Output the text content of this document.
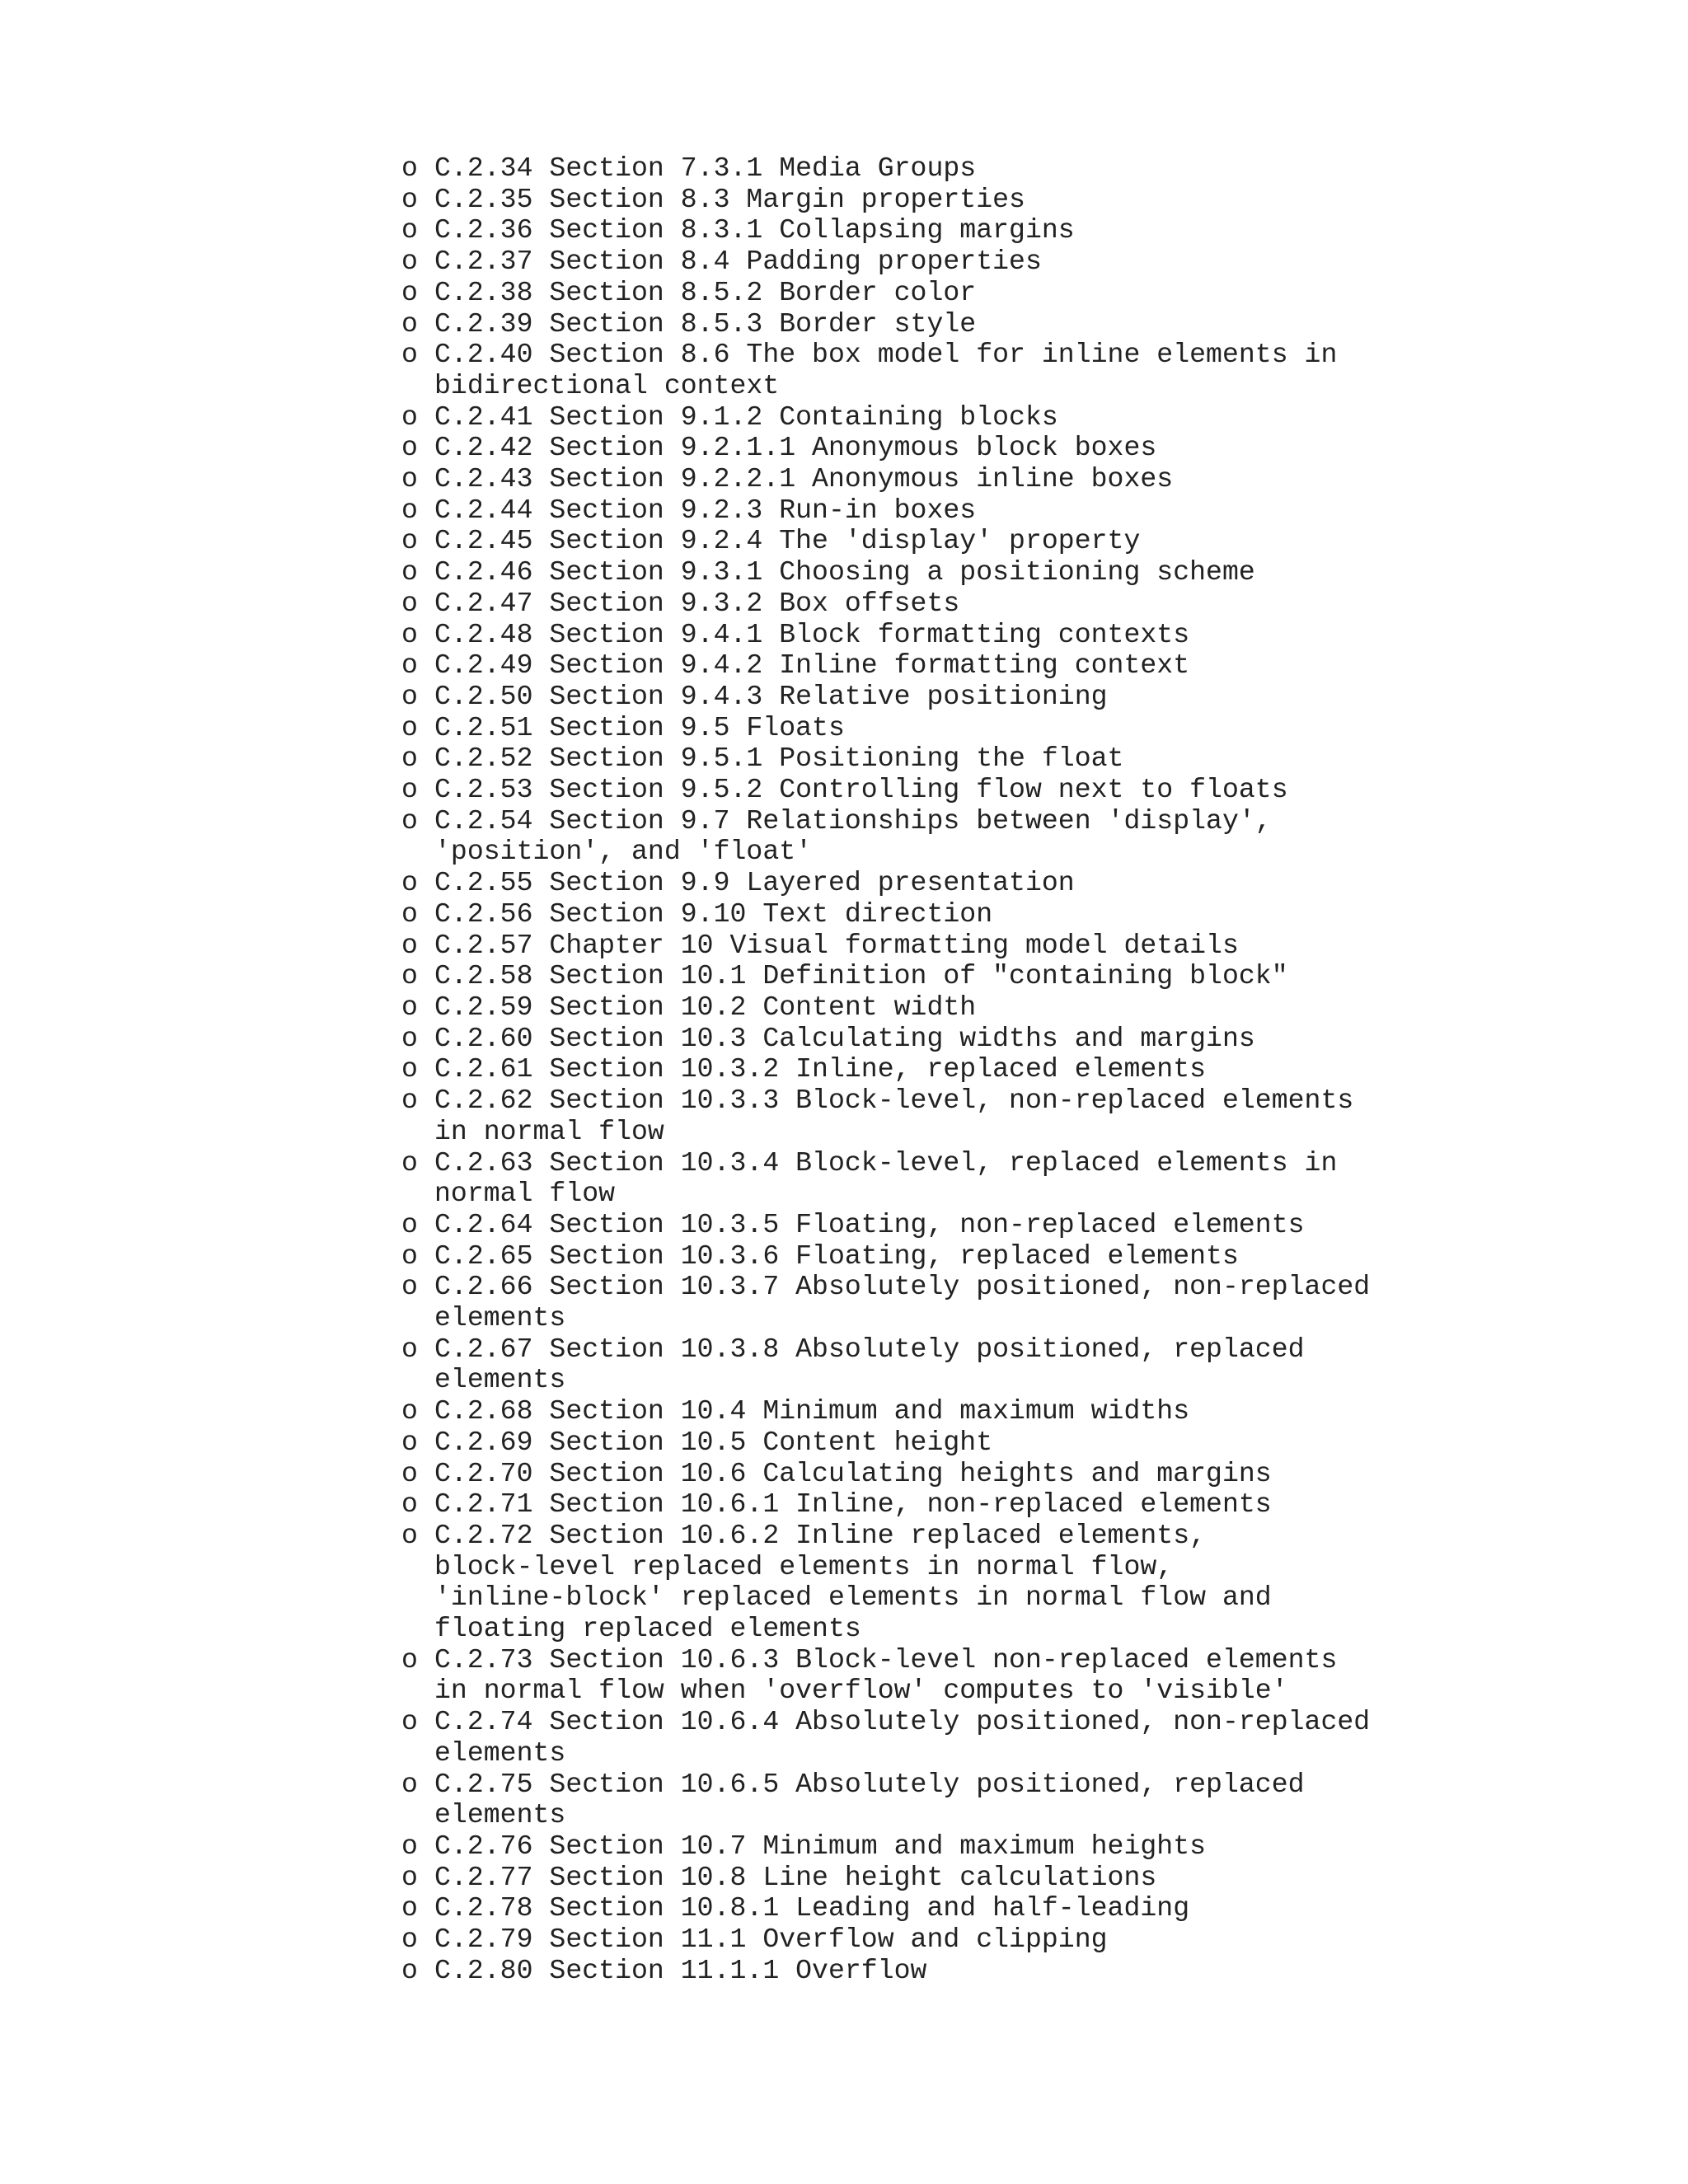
o C.2.34 Section 7.3.1 Media Groups
o C.2.35 Section 8.3 Margin properties
o C.2.36 Section 8.3.1 Collapsing margins
o C.2.37 Section 8.4 Padding properties
o C.2.38 Section 8.5.2 Border color
o C.2.39 Section 8.5.3 Border style
o C.2.40 Section 8.6 The box model for inline elements in
bidirectional context
o C.2.41 Section 9.1.2 Containing blocks
o C.2.42 Section 9.2.1.1 Anonymous block boxes
o C.2.43 Section 9.2.2.1 Anonymous inline boxes
o C.2.44 Section 9.2.3 Run-in boxes
o C.2.45 Section 9.2.4 The 'display' property
o C.2.46 Section 9.3.1 Choosing a positioning scheme
o C.2.47 Section 9.3.2 Box offsets
o C.2.48 Section 9.4.1 Block formatting contexts
o C.2.49 Section 9.4.2 Inline formatting context
o C.2.50 Section 9.4.3 Relative positioning
o C.2.51 Section 9.5 Floats
o C.2.52 Section 9.5.1 Positioning the float
o C.2.53 Section 9.5.2 Controlling flow next to floats
o C.2.54 Section 9.7 Relationships between 'display',
'position', and 'float'
o C.2.55 Section 9.9 Layered presentation
o C.2.56 Section 9.10 Text direction
o C.2.57 Chapter 10 Visual formatting model details
o C.2.58 Section 10.1 Definition of "containing block"
o C.2.59 Section 10.2 Content width
o C.2.60 Section 10.3 Calculating widths and margins
o C.2.61 Section 10.3.2 Inline, replaced elements
o C.2.62 Section 10.3.3 Block-level, non-replaced elements
in normal flow
o C.2.63 Section 10.3.4 Block-level, replaced elements in
normal flow
o C.2.64 Section 10.3.5 Floating, non-replaced elements
o C.2.65 Section 10.3.6 Floating, replaced elements
o C.2.66 Section 10.3.7 Absolutely positioned, non-replaced
elements
o C.2.67 Section 10.3.8 Absolutely positioned, replaced
elements
o C.2.68 Section 10.4 Minimum and maximum widths
o C.2.69 Section 10.5 Content height
o C.2.70 Section 10.6 Calculating heights and margins
o C.2.71 Section 10.6.1 Inline, non-replaced elements
o C.2.72 Section 10.6.2 Inline replaced elements,
block-level replaced elements in normal flow,
'inline-block' replaced elements in normal flow and
floating replaced elements
o C.2.73 Section 10.6.3 Block-level non-replaced elements
in normal flow when 'overflow' computes to 'visible'
o C.2.74 Section 10.6.4 Absolutely positioned, non-replaced
elements
o C.2.75 Section 10.6.5 Absolutely positioned, replaced
elements
o C.2.76 Section 10.7 Minimum and maximum heights
o C.2.77 Section 10.8 Line height calculations
o C.2.78 Section 10.8.1 Leading and half-leading
o C.2.79 Section 11.1 Overflow and clipping
o C.2.80 Section 11.1.1 Overflow
